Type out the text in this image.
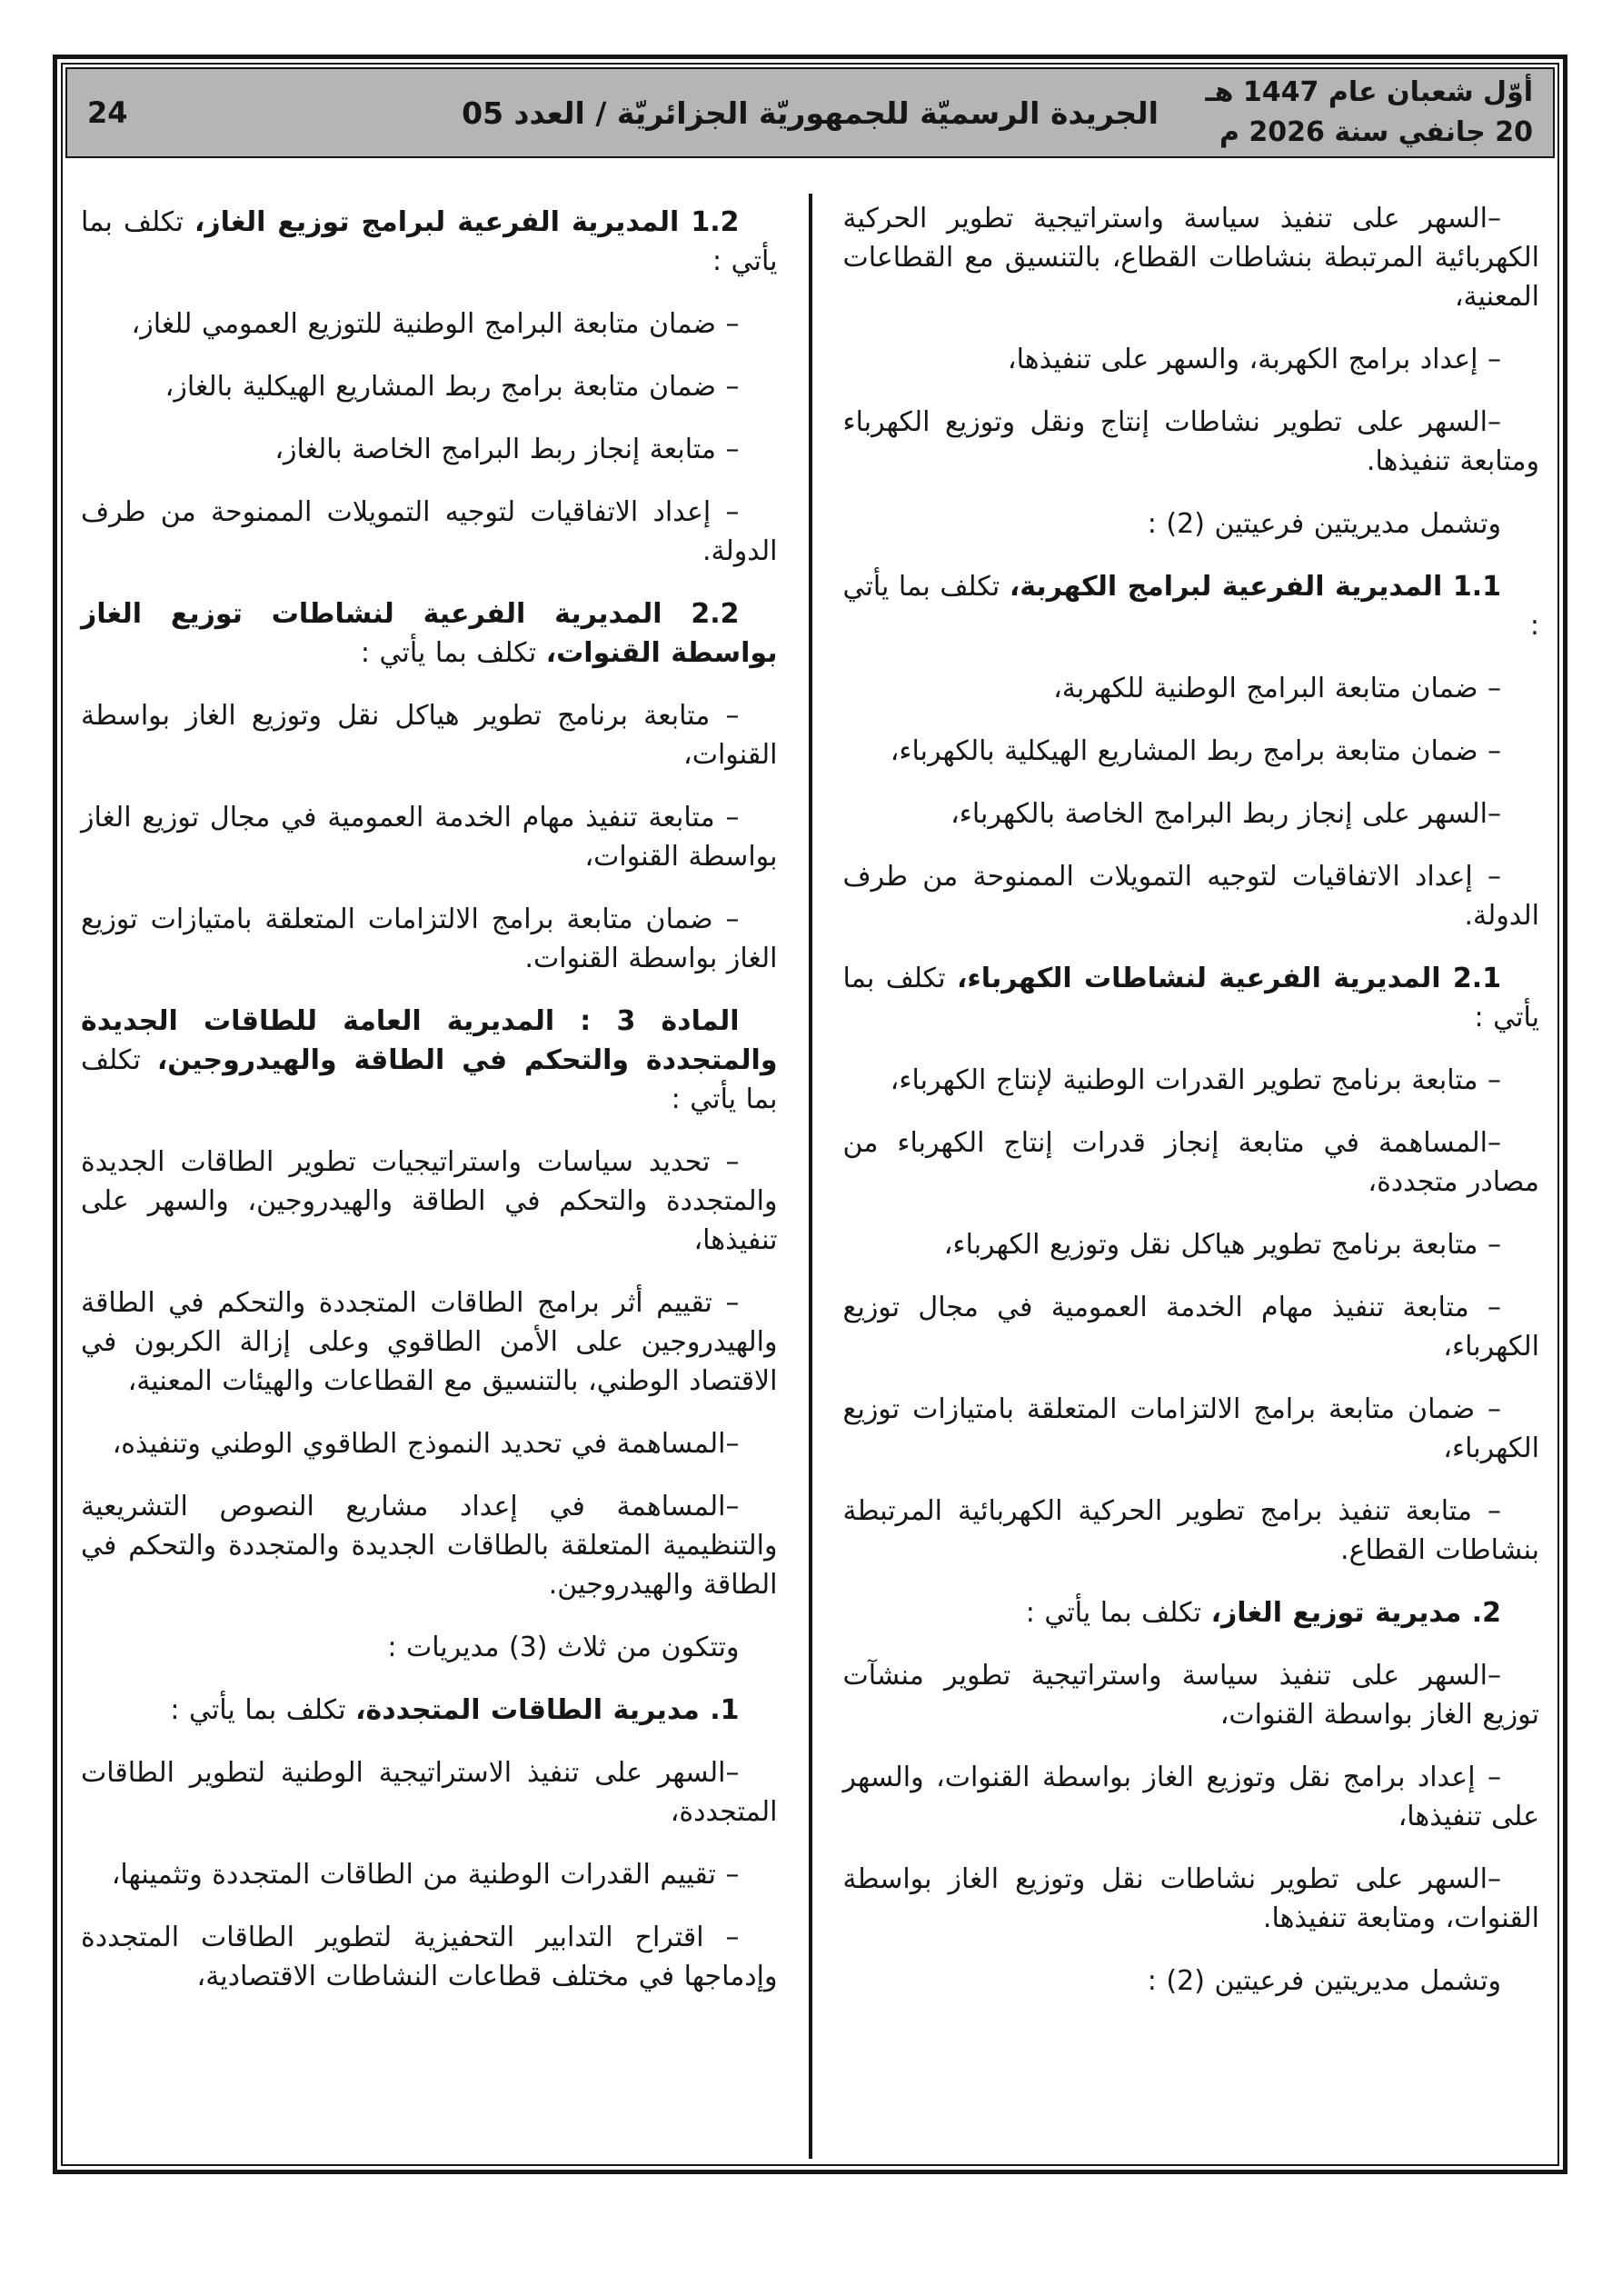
أوّل شعبان عام 1447 هـ
20 جانفي سنة 2026 م
الجريدة الرسميّة للجمهوريّة الجزائريّة / العدد 05
24

–السهر على تنفيذ سياسة واستراتيجية تطوير الحركية الكهربائية المرتبطة بنشاطات القطاع، بالتنسيق مع القطاعات المعنية،

– إعداد برامج الكهربة، والسهر على تنفيذها،

–السهر على تطوير نشاطات إنتاج ونقل وتوزيع الكهرباء ومتابعة تنفيذها.

وتشمل مديريتين فرعيتين (2) :

1.1 المديرية الفرعية لبرامج الكهربة، تكلف بما يأتي :

– ضمان متابعة البرامج الوطنية للكهربة،

– ضمان متابعة برامج ربط المشاريع الهيكلية بالكهرباء،

–السهر على إنجاز ربط البرامج الخاصة بالكهرباء،

– إعداد الاتفاقيات لتوجيه التمويلات الممنوحة من طرف الدولة.

2.1 المديرية الفرعية لنشاطات الكهرباء، تكلف بما يأتي :

– متابعة برنامج تطوير القدرات الوطنية لإنتاج الكهرباء،

–المساهمة في متابعة إنجاز قدرات إنتاج الكهرباء من مصادر متجددة،

– متابعة برنامج تطوير هياكل نقل وتوزيع الكهرباء،

– متابعة تنفيذ مهام الخدمة العمومية في مجال توزيع الكهرباء،

– ضمان متابعة برامج الالتزامات المتعلقة بامتيازات توزيع الكهرباء،

– متابعة تنفيذ برامج تطوير الحركية الكهربائية المرتبطة بنشاطات القطاع.

2. مديرية توزيع الغاز، تكلف بما يأتي :

–السهر على تنفيذ سياسة واستراتيجية تطوير منشآت توزيع الغاز بواسطة القنوات،

– إعداد برامج نقل وتوزيع الغاز بواسطة القنوات، والسهر على تنفيذها،

–السهر على تطوير نشاطات نقل وتوزيع الغاز بواسطة القنوات، ومتابعة تنفيذها.

وتشمل مديريتين فرعيتين (2) :

1.2 المديرية الفرعية لبرامج توزيع الغاز، تكلف بما يأتي :

– ضمان متابعة البرامج الوطنية للتوزيع العمومي للغاز،

– ضمان متابعة برامج ربط المشاريع الهيكلية بالغاز،

– متابعة إنجاز ربط البرامج الخاصة بالغاز،

– إعداد الاتفاقيات لتوجيه التمويلات الممنوحة من طرف الدولة.

2.2 المديرية الفرعية لنشاطات توزيع الغاز بواسطة القنوات، تكلف بما يأتي :

– متابعة برنامج تطوير هياكل نقل وتوزيع الغاز بواسطة القنوات،

– متابعة تنفيذ مهام الخدمة العمومية في مجال توزيع الغاز بواسطة القنوات،

– ضمان متابعة برامج الالتزامات المتعلقة بامتيازات توزيع الغاز بواسطة القنوات.

المادة 3 : المديرية العامة للطاقات الجديدة والمتجددة والتحكم في الطاقة والهيدروجين، تكلف بما يأتي :

– تحديد سياسات واستراتيجيات تطوير الطاقات الجديدة والمتجددة والتحكم في الطاقة والهيدروجين، والسهر على تنفيذها،

– تقييم أثر برامج الطاقات المتجددة والتحكم في الطاقة والهيدروجين على الأمن الطاقوي وعلى إزالة الكربون في الاقتصاد الوطني، بالتنسيق مع القطاعات والهيئات المعنية،

–المساهمة في تحديد النموذج الطاقوي الوطني وتنفيذه،

–المساهمة في إعداد مشاريع النصوص التشريعية والتنظيمية المتعلقة بالطاقات الجديدة والمتجددة والتحكم في الطاقة والهيدروجين.

وتتكون من ثلاث (3) مديريات :

1. مديرية الطاقات المتجددة، تكلف بما يأتي :

–السهر على تنفيذ الاستراتيجية الوطنية لتطوير الطاقات المتجددة،

– تقييم القدرات الوطنية من الطاقات المتجددة وتثمينها،

– اقتراح التدابير التحفيزية لتطوير الطاقات المتجددة وإدماجها في مختلف قطاعات النشاطات الاقتصادية،
